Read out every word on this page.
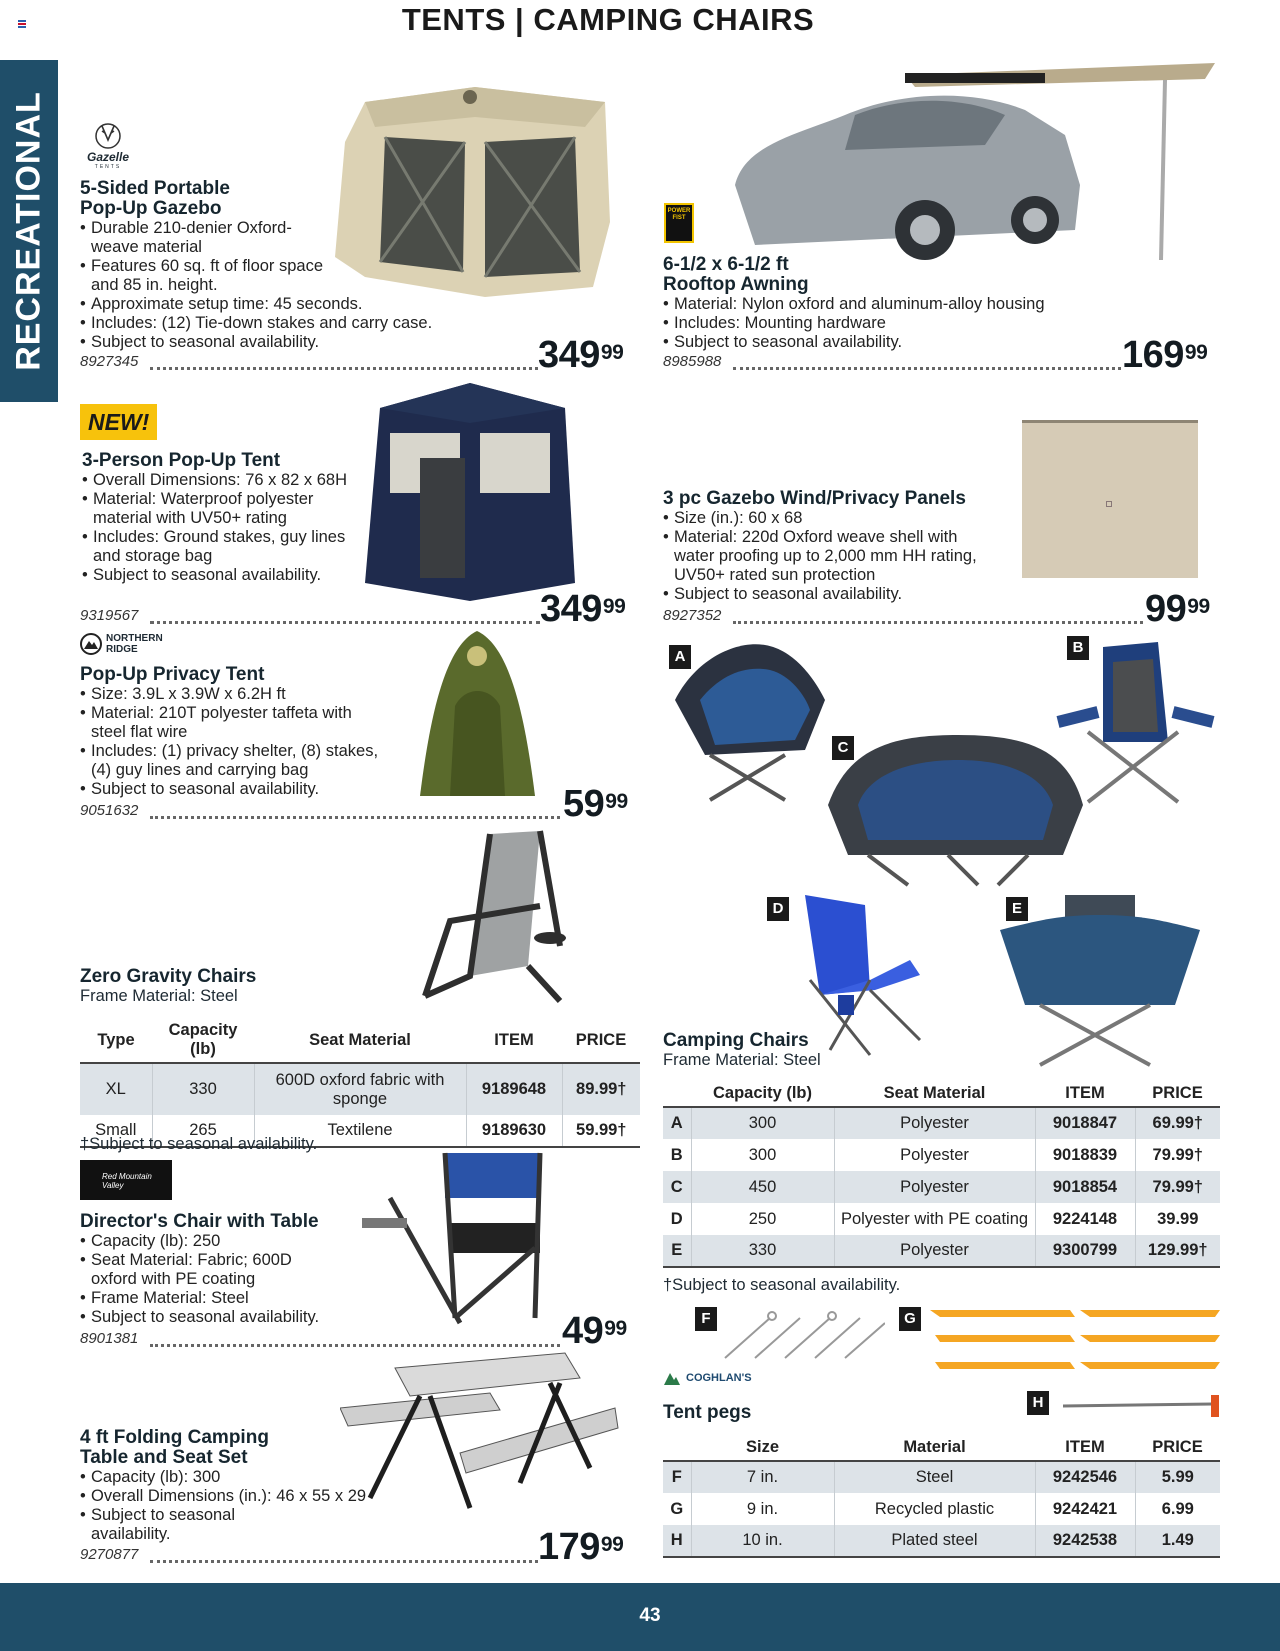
TENTS | CAMPING CHAIRS
RECREATIONAL	Gazelle
TENTS
5-Sided Portable
Pop-Up Gazebo
• Durable 210-denier Oxford-weave material
• Features 60 sq. ft of floor space and 85 in. height.
• Approximate setup time: 45 seconds.
• Includes: (12) Tie-down stakes and carry case.
• Subject to seasonal availability.
8927345	$349^{99}$
NEW!
3-Person Pop-Up Tent
• Overall Dimensions: 76 x 82 x 68H
• Material: Waterproof polyester material with UV50+ rating
• Includes: Ground stakes, guy lines and storage bag
• Subject to seasonal availability.
9319567	$349^{99}$
NORTHERN RIDGE
Pop-Up Privacy Tent
• Size: 3.9L x 3.9W x 6.2H ft
• Material: 210T polyester taffeta with steel flat wire
• Includes: (1) privacy shelter, (8) stakes, (4) guy lines and carrying bag
• Subject to seasonal availability.
9051632	$59^{99}$
Zero Gravity Chairs
Frame Material: Steel
Type	Capacity (lb)	Seat Material	ITEM	PRICE
XL	330	600D oxford fabric with sponge	9189648	89.99†
Small	265	Textilene	9189630	59.99†
†Subject to seasonal availability.
Red Mountain Valley
Director's Chair with Table
• Capacity (lb): 250
• Seat Material: Fabric; 600D oxford with PE coating
• Frame Material: Steel
• Subject to seasonal availability.
8901381	$49^{99}$
4 ft Folding Camping
Table and Seat Set
• Capacity (lb): 300
• Overall Dimensions (in.): 46 x 55 x 29
• Subject to seasonal availability.
9270877	$179^{99}$
POWER FIST
6-1/2 x 6-1/2 ft
Rooftop Awning
• Material: Nylon oxford and aluminum-alloy housing
• Includes: Mounting hardware
• Subject to seasonal availability.
8985988	$169^{99}$
3 pc Gazebo Wind/Privacy Panels
• Size (in.): 60 x 68
• Material: 220d Oxford weave shell with water proofing up to 2,000 mm HH rating, UV50+ rated sun protection
• Subject to seasonal availability.
8927352	$99^{99}$
A
B
C
D	E
Camping Chairs
Frame Material: Steel
	Capacity (lb)	Seat Material	ITEM	PRICE
A	300	Polyester	9018847	69.99†
B	300	Polyester	9018839	79.99†
C	450	Polyester	9018854	79.99†
D	250	Polyester with PE coating	9224148	39.99
E	330	Polyester	9300799	129.99†
†Subject to seasonal availability.
F	G
H
COGHLAN'S
Tent pegs
	Size	Material	ITEM	PRICE
F	7 in.	Steel	9242546	5.99
G	9 in.	Recycled plastic	9242421	6.99
H	10 in.	Plated steel	9242538	1.49
43
